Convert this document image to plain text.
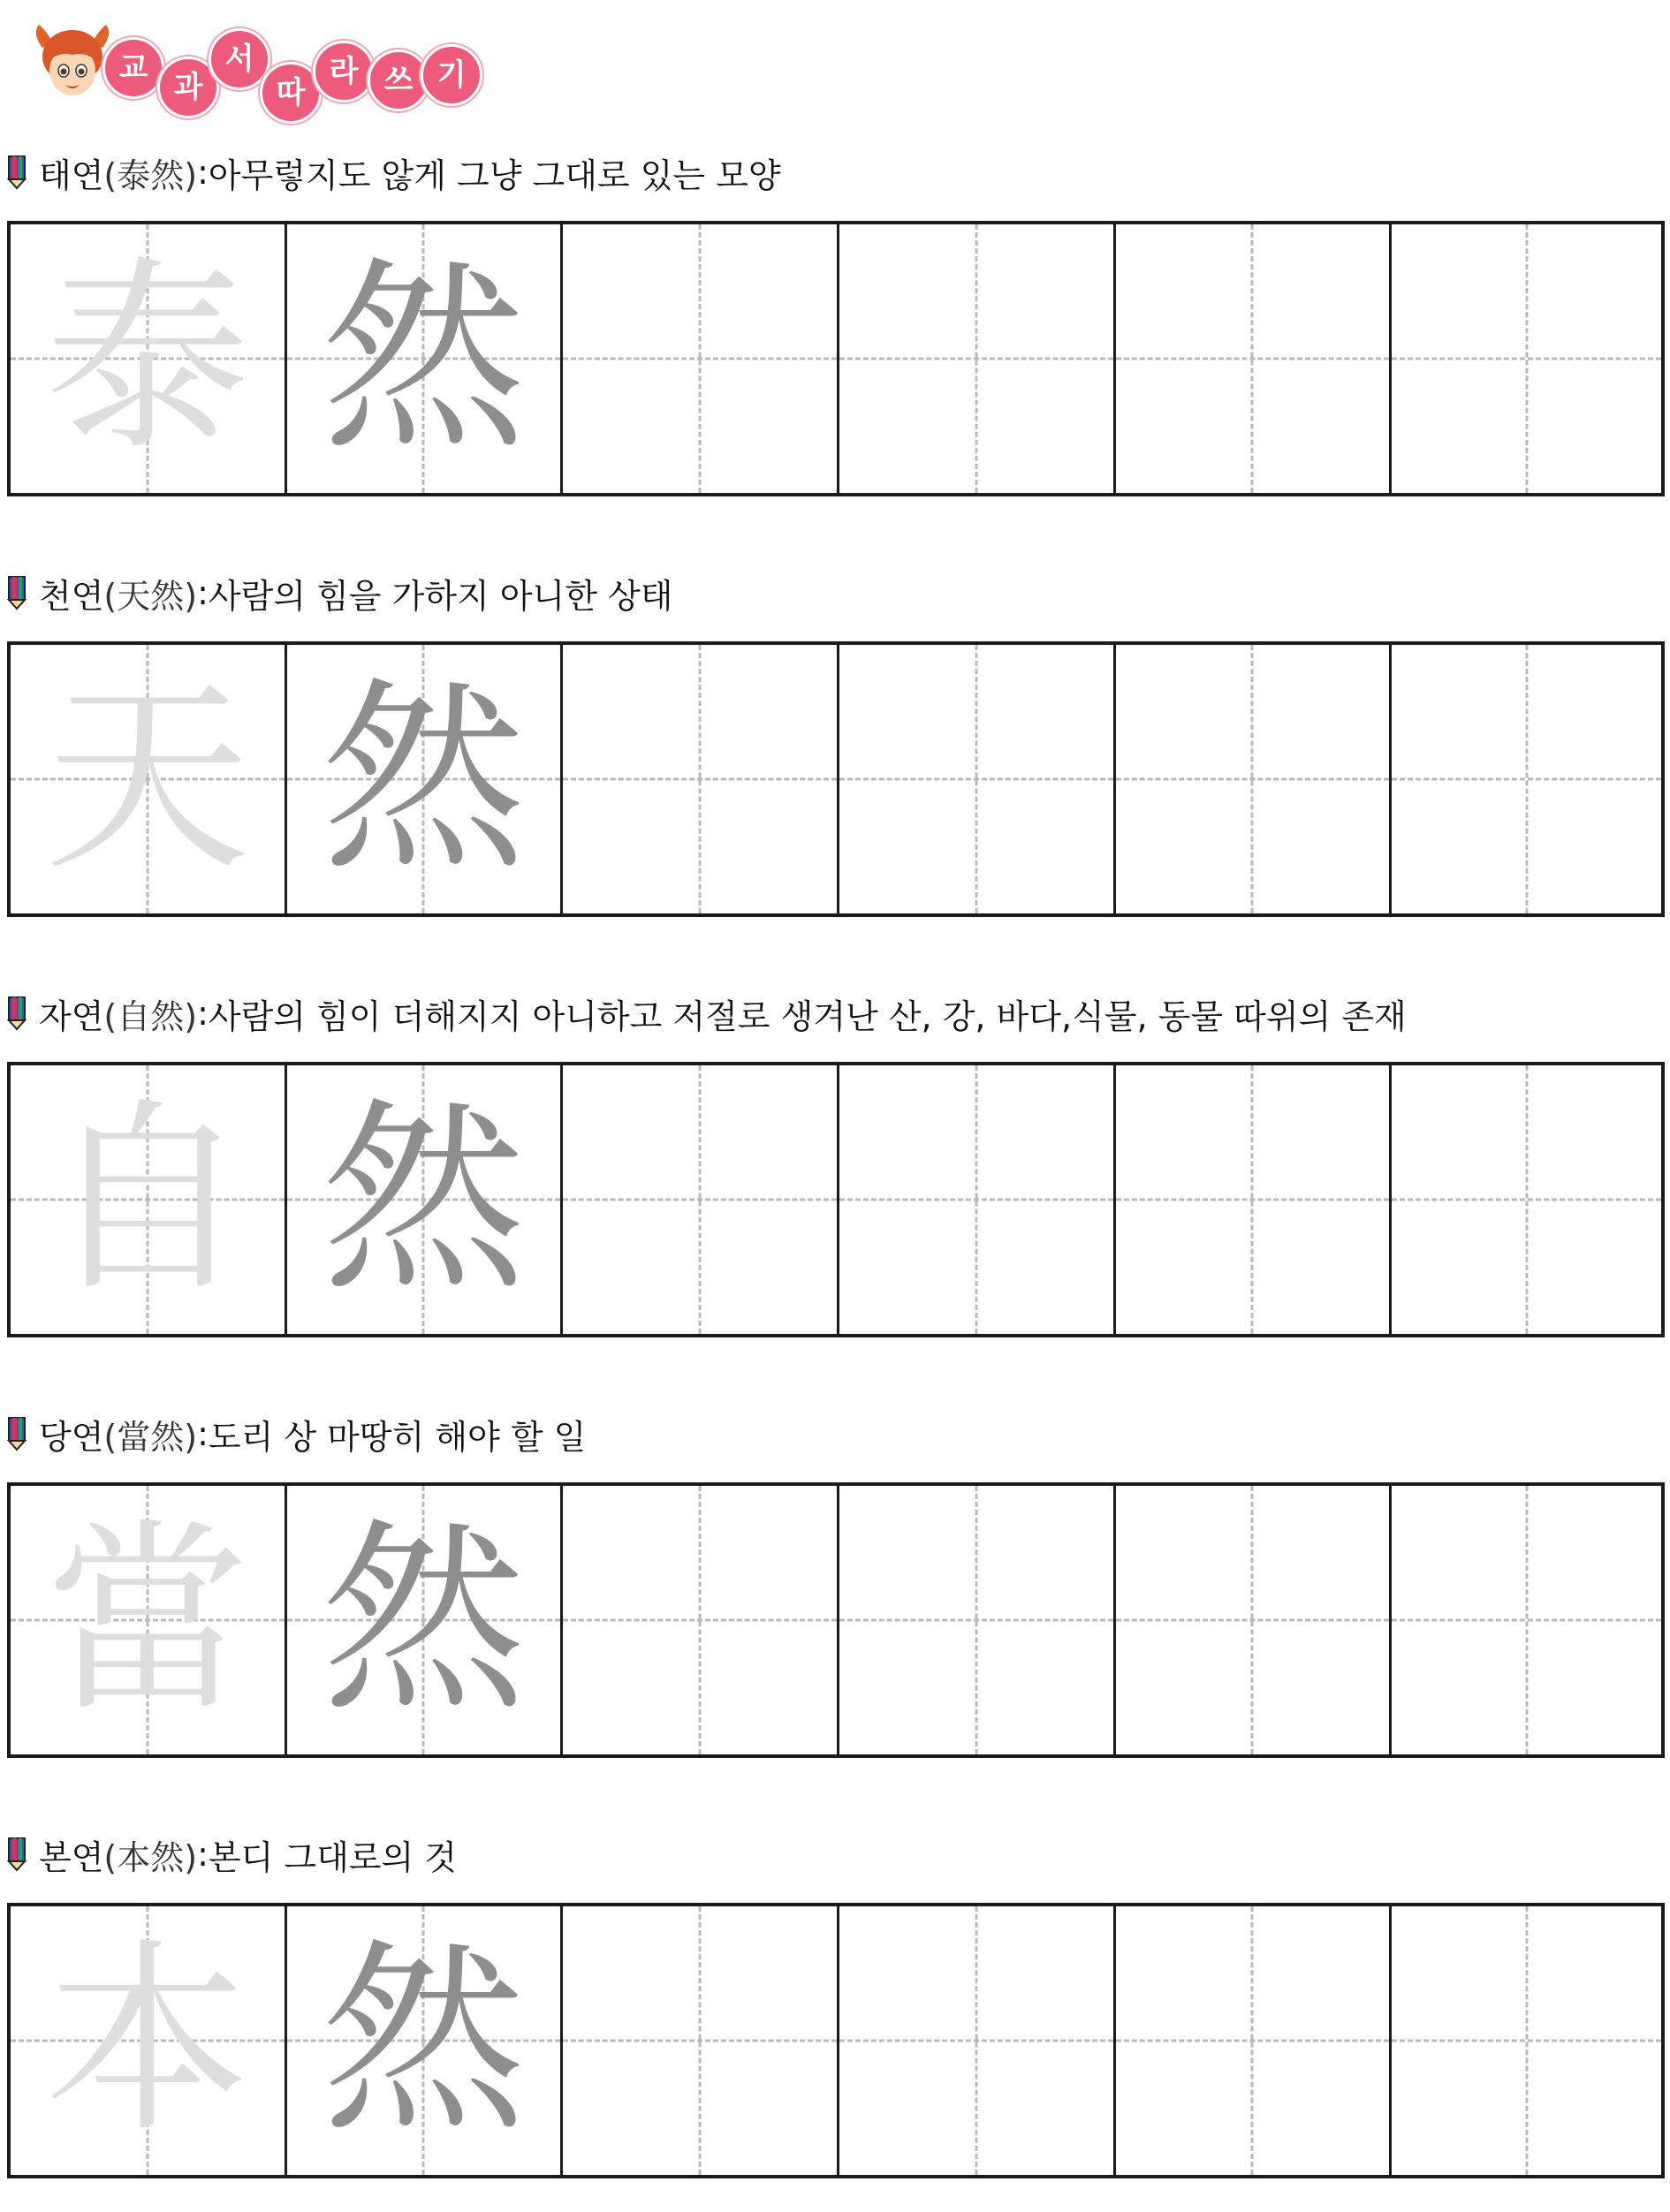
교
과
서
따
라 쓰 기
태연 (泰然) : 아무렇지도 않게 그냥 그대로 있는 모양
泰 然
천연 (天然) : 사람의 힘을 가하지 아니한 상태
天 然
자연 (自然) : 사람의 힘이 더해지지 아니하고 저절로 생겨난 산, 강, 바다,식물, 동물 따위의 존재
自 然
당연 (當然) : 도리 상 마땅히 해야 할 일
當 然
본연 (本然) : 본디 그대로의 것
本 然
